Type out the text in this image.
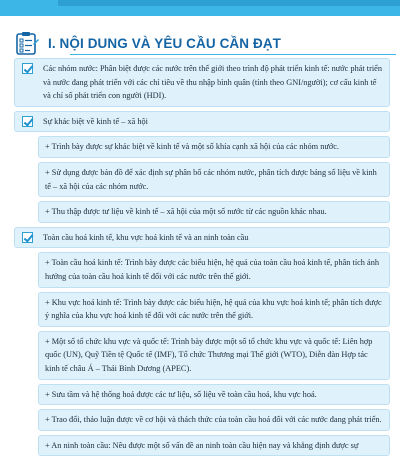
I. NỘI DUNG VÀ YÊU CẦU CẦN ĐẠT
Các nhóm nước: Phân biệt được các nước trên thế giới theo trình độ phát triển kinh tế: nước phát triển và nước đang phát triển với các chỉ tiêu về thu nhập bình quân (tính theo GNI/người); cơ cấu kinh tế và chỉ số phát triển con người (HDI).
Sự khác biệt về kinh tế – xã hội
+ Trình bày được sự khác biệt về kinh tế và một số khía cạnh xã hội của các nhóm nước.
+ Sử dụng được bản đồ để xác định sự phân bố các nhóm nước, phân tích được bảng số liệu về kinh tế – xã hội của các nhóm nước.
+ Thu thập được tư liệu về kinh tế – xã hội của một số nước từ các nguồn khác nhau.
Toàn cầu hoá kinh tế, khu vực hoá kinh tế và an ninh toàn cầu
+ Toàn cầu hoá kinh tế: Trình bày được các biểu hiện, hệ quả của toàn cầu hoá kinh tế, phân tích ảnh hưởng của toàn cầu hoá kinh tế đối với các nước trên thế giới.
+ Khu vực hoá kinh tế: Trình bày được các biểu hiện, hệ quả của khu vực hoá kinh tế; phân tích được ý nghĩa của khu vực hoá kinh tế đối với các nước trên thế giới.
+ Một số tổ chức khu vực và quốc tế: Trình bày được một số tổ chức khu vực và quốc tế: Liên hợp quốc (UN), Quỹ Tiền tệ Quốc tế (IMF), Tổ chức Thương mại Thế giới (WTO), Diễn đàn Hợp tác kinh tế châu Á – Thái Bình Dương (APEC).
+ Sưu tầm và hệ thống hoá được các tư liệu, số liệu về toàn cầu hoá, khu vực hoá.
+ Trao đổi, thảo luận được về cơ hội và thách thức của toàn cầu hoá đối với các nước đang phát triển.
+ An ninh toàn cầu: Nêu được một số vấn đề an ninh toàn cầu hiện nay và khẳng định được sự
